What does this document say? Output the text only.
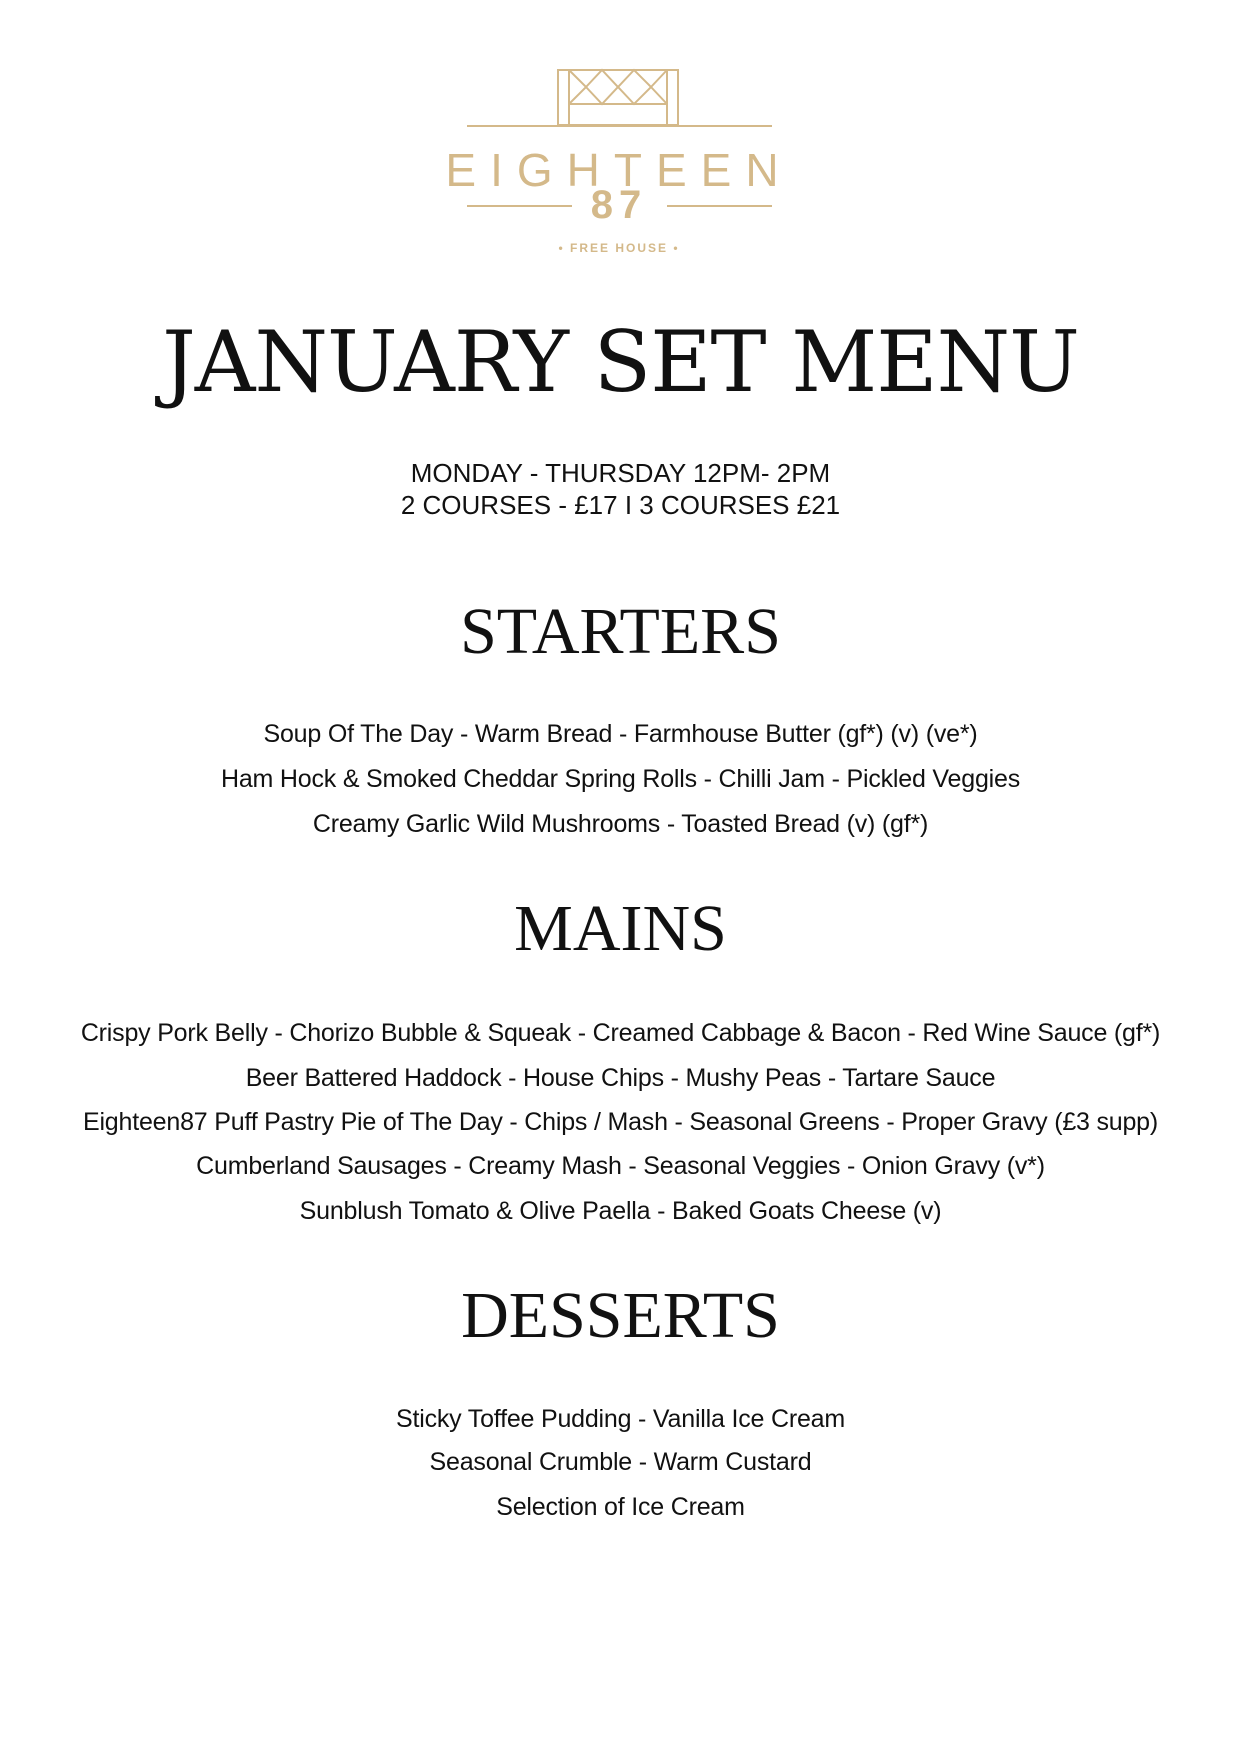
EIGHTEEN
87
• FREE HOUSE •
JANUARY SET MENU
MONDAY - THURSDAY 12PM- 2PM
2 COURSES - £17 I 3 COURSES £21
STARTERS
Soup Of The Day - Warm Bread - Farmhouse Butter (gf*) (v) (ve*)
Ham Hock & Smoked Cheddar Spring Rolls - Chilli Jam - Pickled Veggies
Creamy Garlic Wild Mushrooms - Toasted Bread (v) (gf*)
MAINS
Crispy Pork Belly - Chorizo Bubble & Squeak - Creamed Cabbage & Bacon - Red Wine Sauce (gf*)
Beer Battered Haddock - House Chips - Mushy Peas - Tartare Sauce
Eighteen87 Puff Pastry Pie of The Day - Chips / Mash - Seasonal Greens - Proper Gravy (£3 supp)
Cumberland Sausages - Creamy Mash - Seasonal Veggies - Onion Gravy (v*)
Sunblush Tomato & Olive Paella - Baked Goats Cheese (v)
DESSERTS
Sticky Toffee Pudding - Vanilla Ice Cream
Seasonal Crumble - Warm Custard
Selection of Ice Cream
